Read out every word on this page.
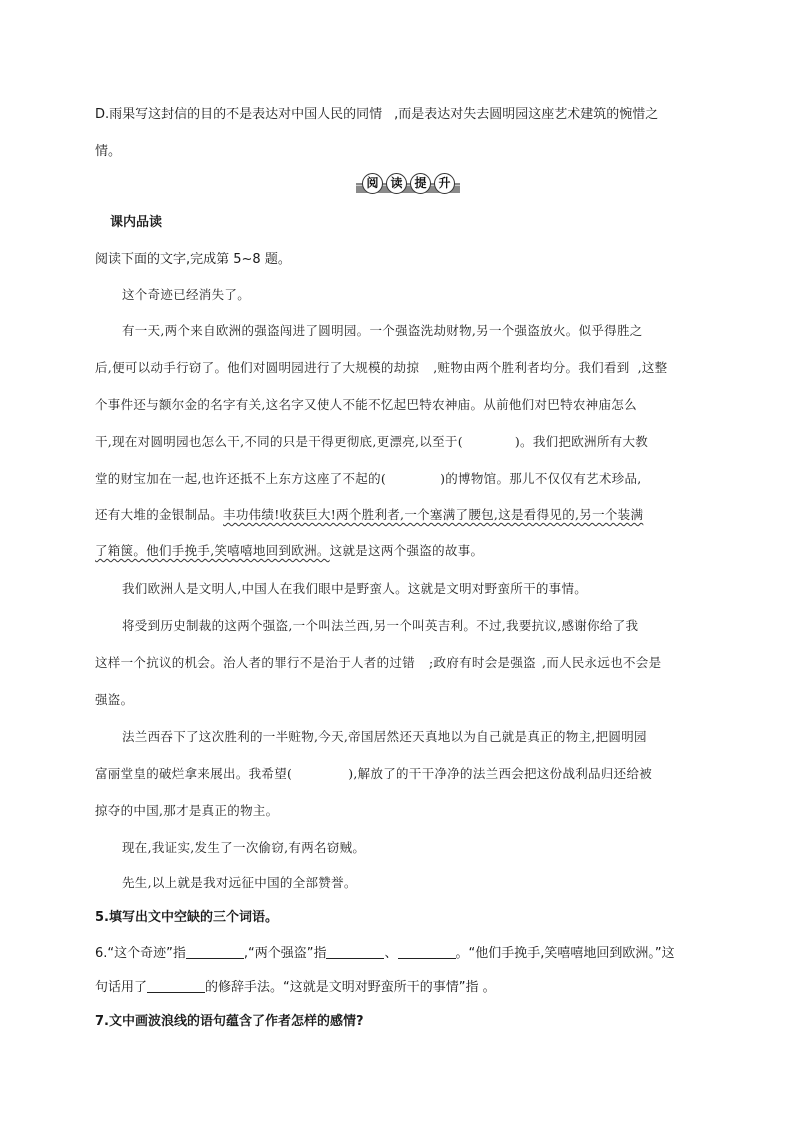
D.雨果写这封信的目的不是表达对中国人民的同情 ,而是表达对失去圆明园这座艺术建筑的惋惜之
情。
阅 读 提 升
课内品读
阅读下面的文字,完成第 5~8 题。
这个奇迹已经消失了。
有一天,两个来自欧洲的强盗闯进了圆明园。一个强盗洗劫财物,另一个强盗放火。似乎得胜之
后,便可以动手行窃了。他们对圆明园进行了大规模的劫掠 ,赃物由两个胜利者均分。我们看到 ,这整
个事件还与额尔金的名字有关,这名字又使人不能不忆起巴特农神庙。从前他们对巴特农神庙怎么
干,现在对圆明园也怎么干,不同的只是干得更彻底,更漂亮,以至于(	)。我们把欧洲所有大教
堂的财宝加在一起,也许还抵不上东方这座了不起的(	)的博物馆。那儿不仅仅有艺术珍品,
还有大堆的金银制品。丰功伟绩!收获巨大!两个胜利者,一个塞满了腰包,这是看得见的,另一个装满
了箱箧。他们手挽手,笑嘻嘻地回到欧洲。这就是这两个强盗的故事。
我们欧洲人是文明人,中国人在我们眼中是野蛮人。这就是文明对野蛮所干的事情。
将受到历史制裁的这两个强盗,一个叫法兰西,另一个叫英吉利。不过,我要抗议,感谢你给了我
这样一个抗议的机会。治人者的罪行不是治于人者的过错 ;政府有时会是强盗 ,而人民永远也不会是
强盗。
法兰西吞下了这次胜利的一半赃物,今天,帝国居然还天真地以为自己就是真正的物主,把圆明园
富丽堂皇的破烂拿来展出。我希望(	),解放了的干干净净的法兰西会把这份战利品归还给被
掠夺的中国,那才是真正的物主。
现在,我证实,发生了一次偷窃,有两名窃贼。
先生,以上就是我对远征中国的全部赞誉。
5.填写出文中空缺的三个词语。
6.“这个奇迹”指	,“两个强盗”指	、	。“他们手挽手,笑嘻嘻地回到欧洲。”这
句话用了	的修辞手法。“这就是文明对野蛮所干的事情”指 。
7.文中画波浪线的语句蕴含了作者怎样的感情?
